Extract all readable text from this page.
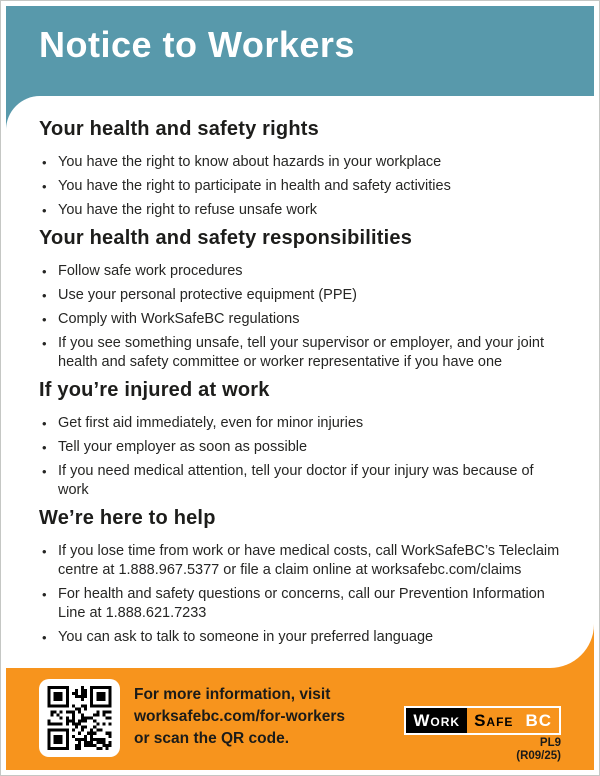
Notice to Workers
For more information, visit
worksafebc.com/for-workers
or scan the QR code.
Work Safe BC
PL9
(R09/25)
Your health and safety rights
• You have the right to know about hazards in your workplace
• You have the right to participate in health and safety activities
• You have the right to refuse unsafe work
Your health and safety responsibilities
• Follow safe work procedures
• Use your personal protective equipment (PPE)
• Comply with WorkSafeBC regulations
• If you see something unsafe, tell your supervisor or employer, and your joint health and safety committee or worker representative if you have one
If you’re injured at work
• Get first aid immediately, even for minor injuries
• Tell your employer as soon as possible
• If you need medical attention, tell your doctor if your injury was because of work
We’re here to help
• If you lose time from work or have medical costs, call WorkSafeBC’s Teleclaim centre at 1.888.967.5377 or file a claim online at worksafebc.com/claims
• For health and safety questions or concerns, call our Prevention Information Line at 1.888.621.7233
• You can ask to talk to someone in your preferred language
